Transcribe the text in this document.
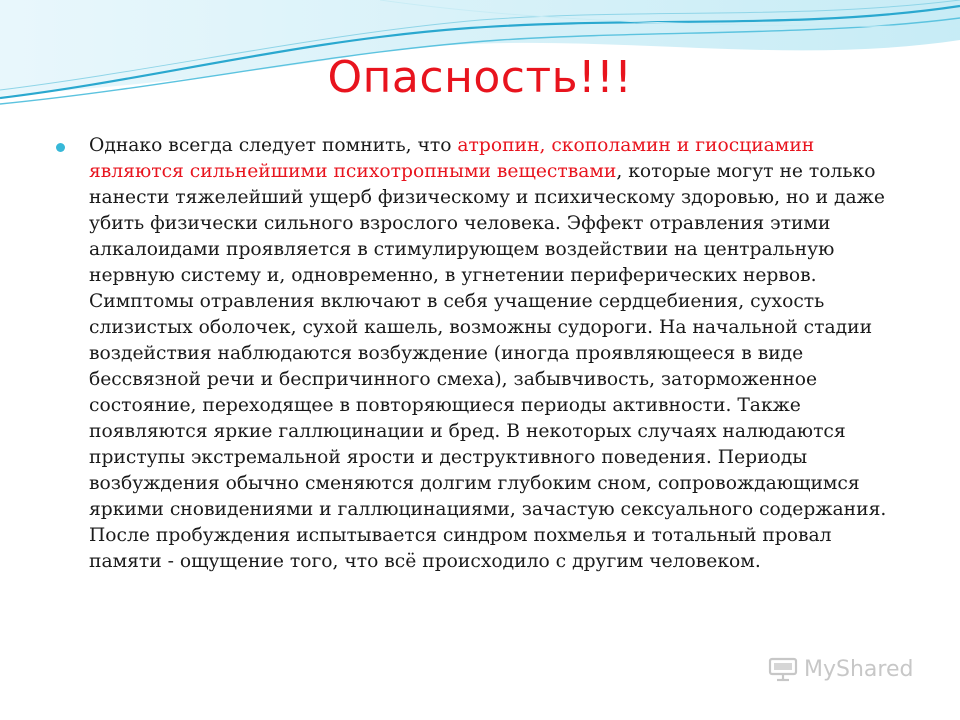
Опасность!!!

Однако всегда следует помнить, что атропин, скополамин и гиосциамин являются сильнейшими психотропными веществами, которые могут не только нанести тяжелейший ущерб физическому и психическому здоровью, но и даже убить физически сильного взрослого человека. Эффект отравления этими алкалоидами проявляется в стимулирующем воздействии на центральную нервную систему и, одновременно, в угнетении периферических нервов. Симптомы отравления включают в себя учащение сердцебиения, сухость слизистых оболочек, сухой кашель, возможны судороги. На начальной стадии воздействия наблюдаются возбуждение (иногда проявляющееся в виде бессвязной речи и беспричинного смеха), забывчивость, заторможенное состояние, переходящее в повторяющиеся периоды активности. Также появляются яркие галлюцинации и бред. В некоторых случаях налюдаются приступы экстремальной ярости и деструктивного поведения. Периоды возбуждения обычно сменяются долгим глубоким сном, сопровождающимся яркими сновидениями и галлюцинациями, зачастую сексуального содержания. После пробуждения испытывается синдром похмелья и тотальный провал памяти - ощущение того, что всё происходило с другим человеком.

MyShared
